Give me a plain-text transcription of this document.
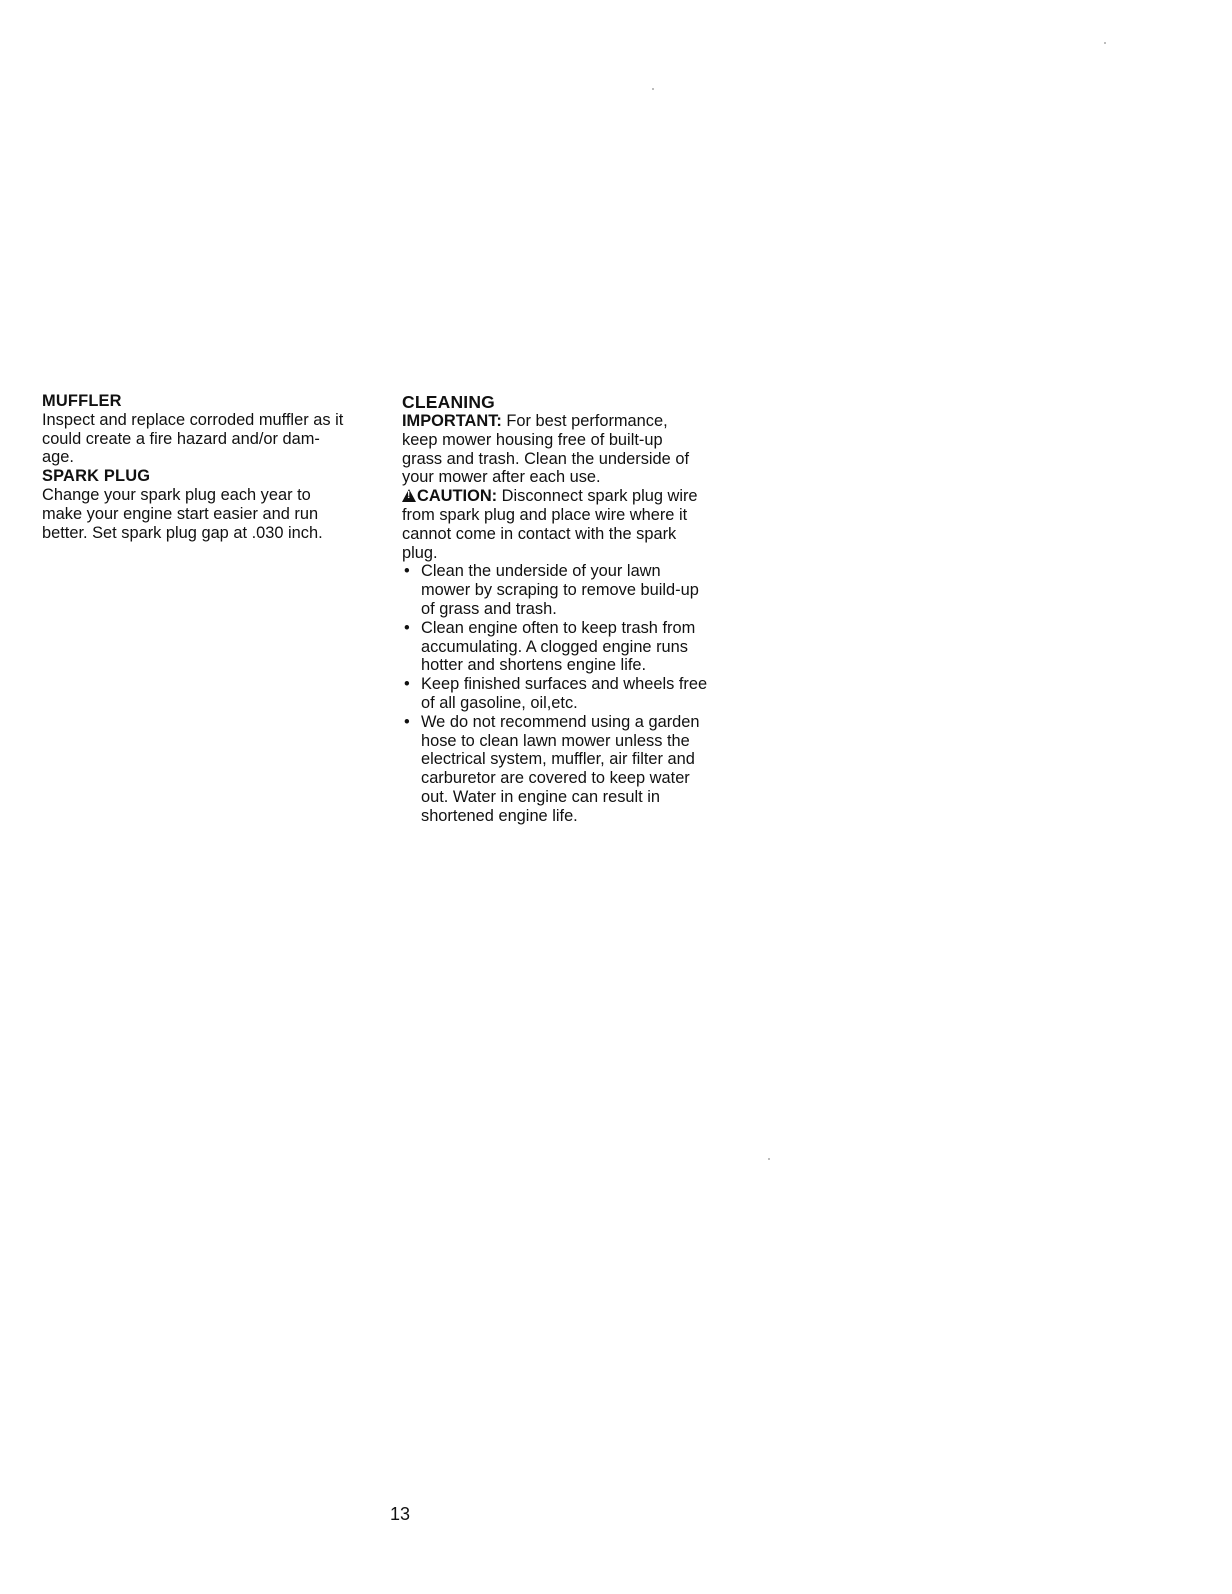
MUFFLER

Inspect and replace corroded muffler as it
could create a fire hazard and/or dam-
age.

SPARK PLUG

Change your spark plug each year to
make your engine start easier and run
better. Set spark plug gap at .030 inch.

CLEANING

IMPORTANT: For best performance,
keep mower housing free of built-up
grass and trash. Clean the underside of
your mower after each use.

!CAUTION: Disconnect spark plug wire
from spark plug and place wire where it
cannot come in contact with the spark
plug.

• Clean the underside of your lawn
mower by scraping to remove build-up
of grass and trash.
• Clean engine often to keep trash from
accumulating. A clogged engine runs
hotter and shortens engine life.
• Keep finished surfaces and wheels free
of all gasoline, oil,etc.
• We do not recommend using a garden
hose to clean lawn mower unless the
electrical system, muffler, air filter and
carburetor are covered to keep water
out. Water in engine can result in
shortened engine life.
13
